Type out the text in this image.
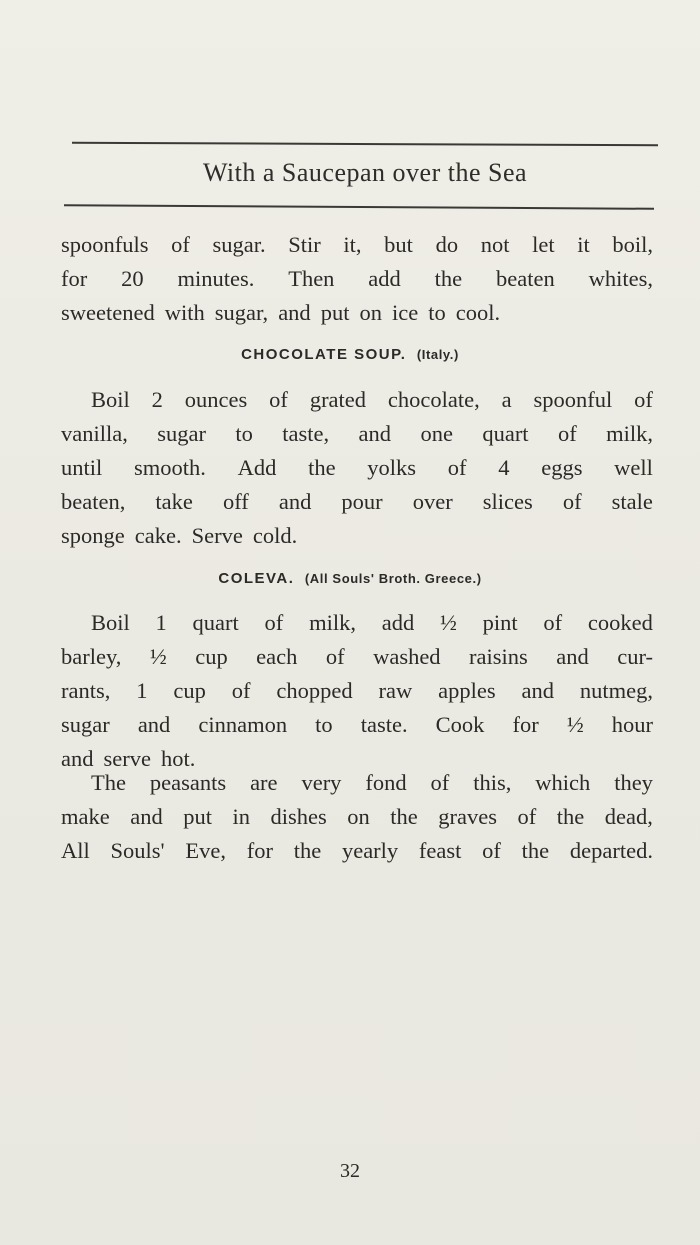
With a Saucepan over the Sea
spoonfuls of sugar. Stir it, but do not let it boil,
for 20 minutes. Then add the beaten whites,
sweetened with sugar, and put on ice to cool.
CHOCOLATE SOUP. (Italy.)
Boil 2 ounces of grated chocolate, a spoonful of
vanilla, sugar to taste, and one quart of milk,
until smooth. Add the yolks of 4 eggs well
beaten, take off and pour over slices of stale
sponge cake. Serve cold.
COLEVA. (All Souls' Broth. Greece.)
Boil 1 quart of milk, add ½ pint of cooked
barley, ½ cup each of washed raisins and cur-
rants, 1 cup of chopped raw apples and nutmeg,
sugar and cinnamon to taste. Cook for ½ hour
and serve hot.
The peasants are very fond of this, which they
make and put in dishes on the graves of the dead,
All Souls' Eve, for the yearly feast of the departed.
32
